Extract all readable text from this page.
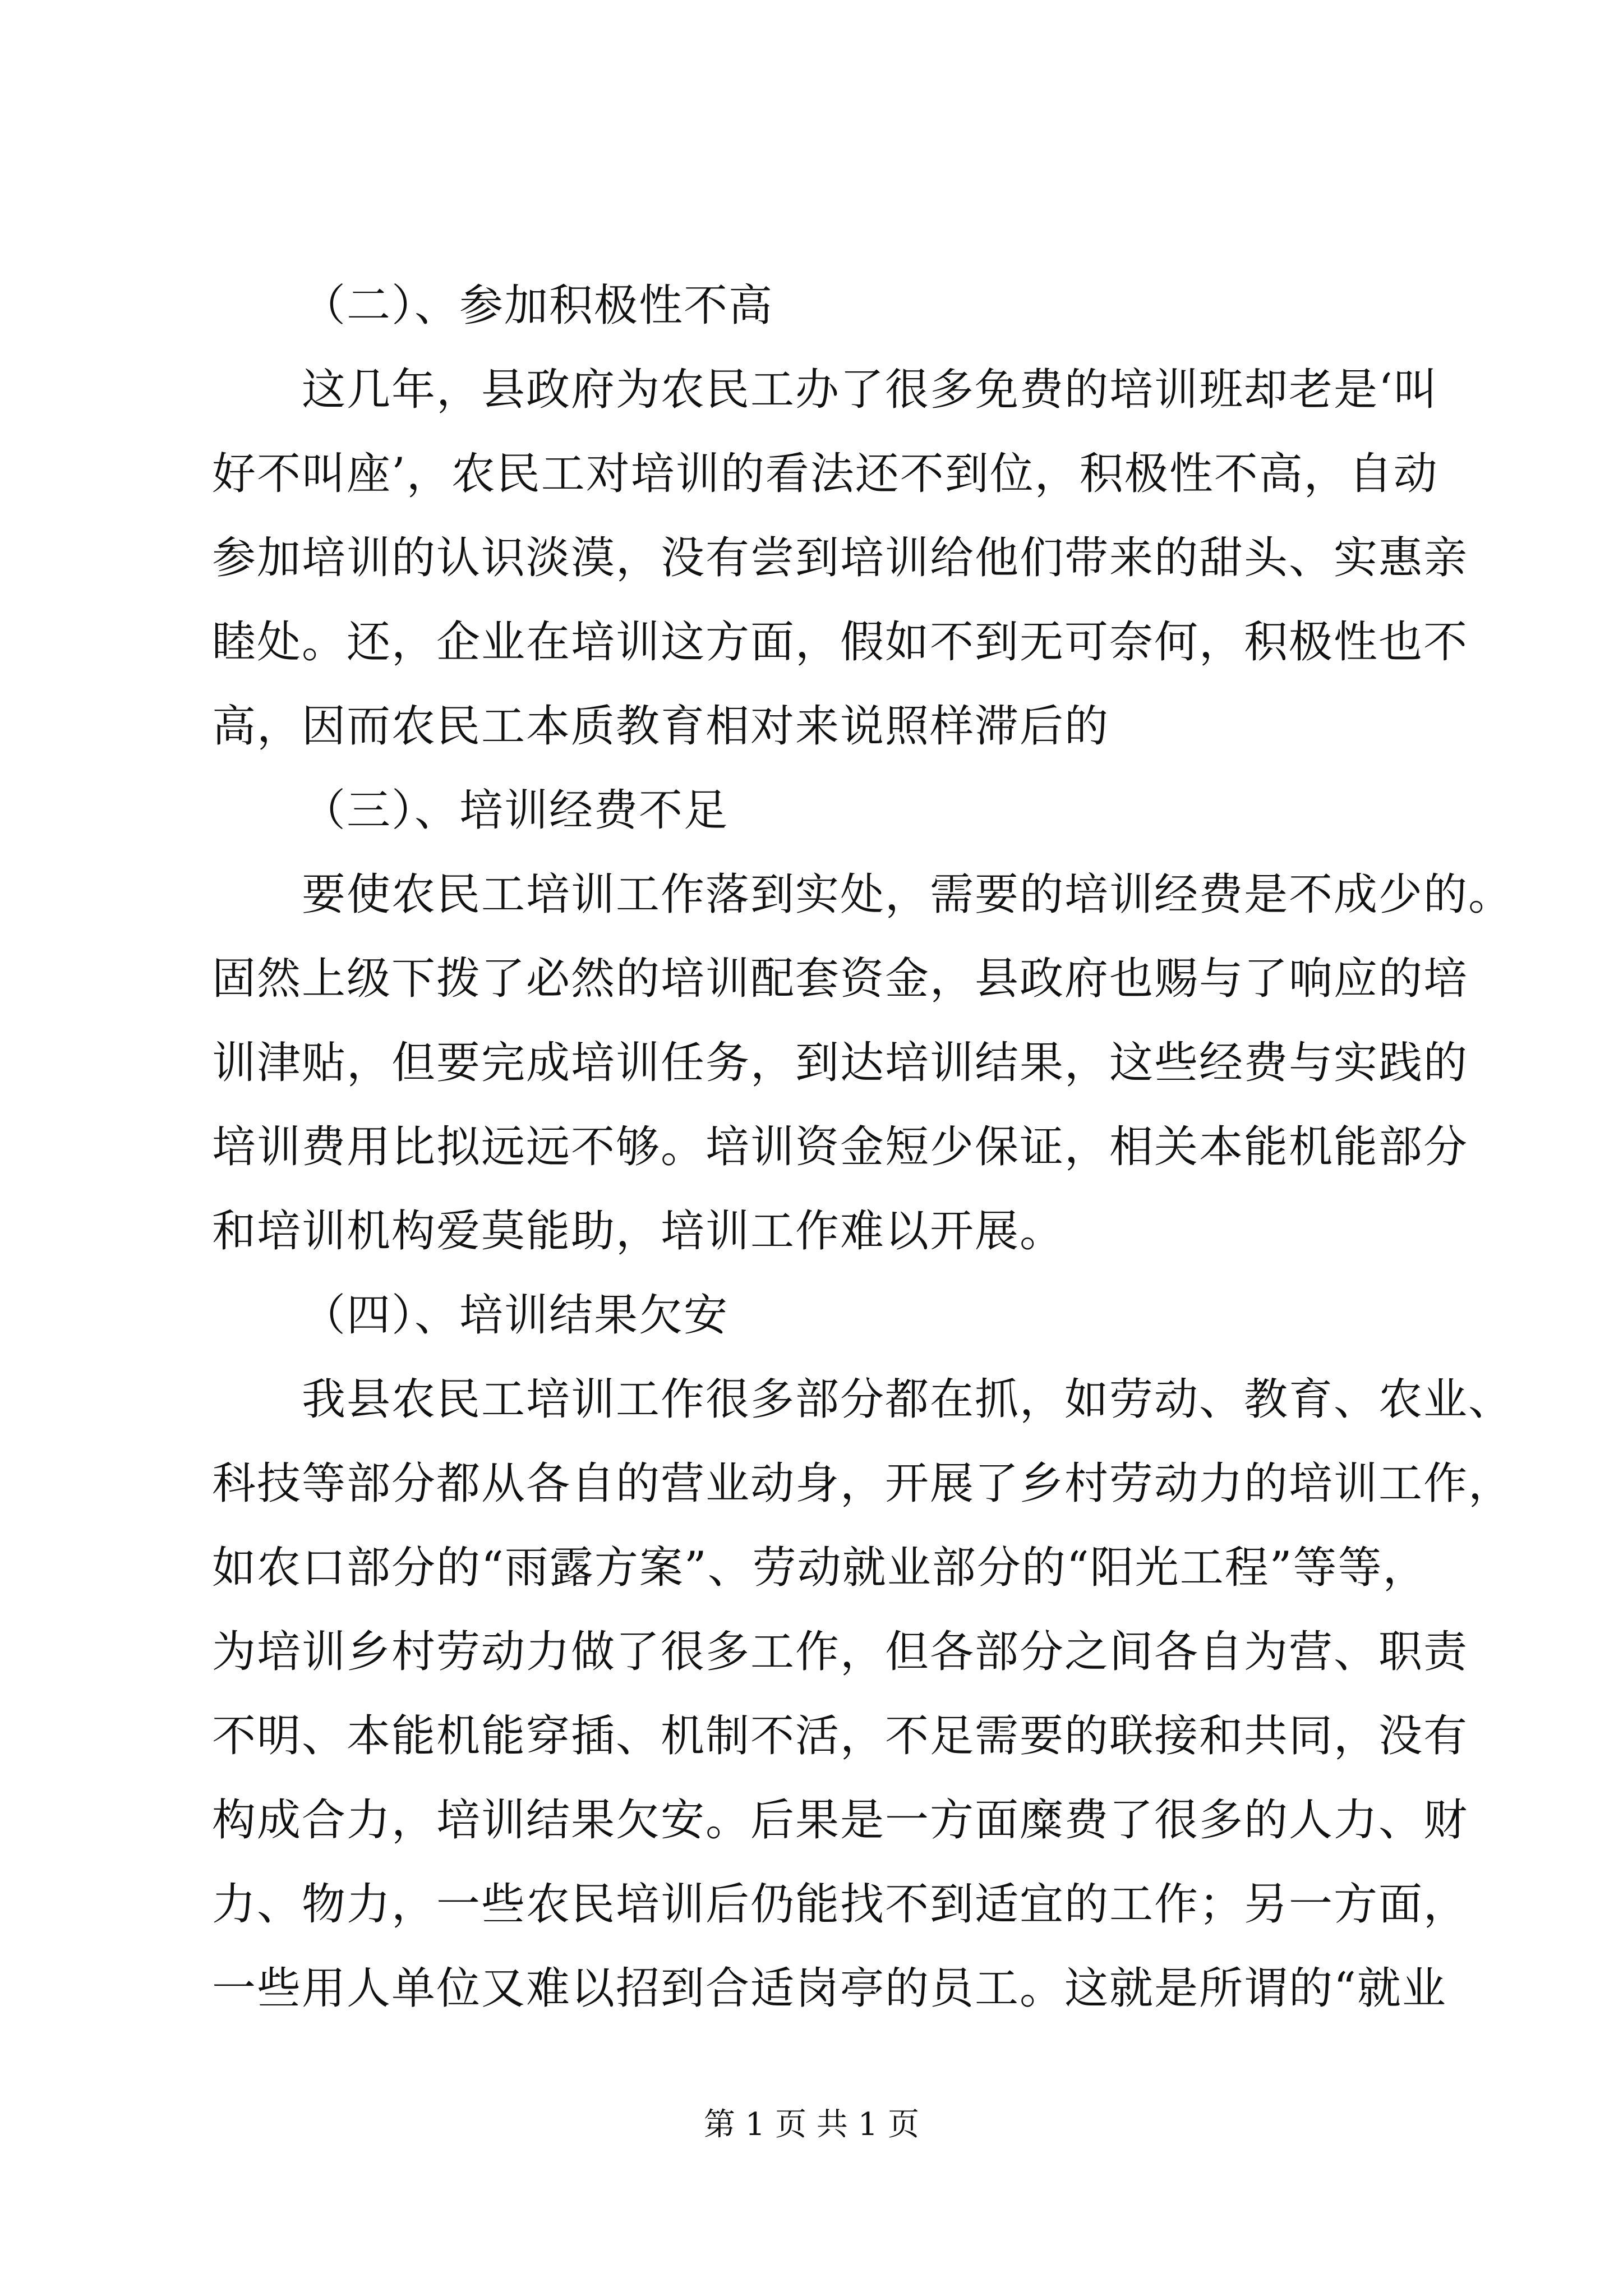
（二）、参加积极性不高
这几年，县政府为农民工办了很多免费的培训班却老是‘叫
好不叫座’，农民工对培训的看法还不到位，积极性不高，自动
参加培训的认识淡漠，没有尝到培训给他们带来的甜头、实惠亲
睦处。还，企业在培训这方面，假如不到无可奈何，积极性也不
高，因而农民工本质教育相对来说照样滞后的
（三）、培训经费不足
要使农民工培训工作落到实处，需要的培训经费是不成少的。
固然上级下拨了必然的培训配套资金，县政府也赐与了响应的培
训津贴，但要完成培训任务，到达培训结果，这些经费与实践的
培训费用比拟远远不够。培训资金短少保证，相关本能机能部分
和培训机构爱莫能助，培训工作难以开展。
（四）、培训结果欠安
我县农民工培训工作很多部分都在抓，如劳动、教育、农业、
科技等部分都从各自的营业动身，开展了乡村劳动力的培训工作，
如农口部分的“雨露方案”、劳动就业部分的“阳光工程”等等，
为培训乡村劳动力做了很多工作，但各部分之间各自为营、职责
不明、本能机能穿插、机制不活，不足需要的联接和共同，没有
构成合力，培训结果欠安。后果是一方面糜费了很多的人力、财
力、物力，一些农民培训后仍能找不到适宜的工作；另一方面，
一些用人单位又难以招到合适岗亭的员工。这就是所谓的“就业
第 1 页 共 1 页
